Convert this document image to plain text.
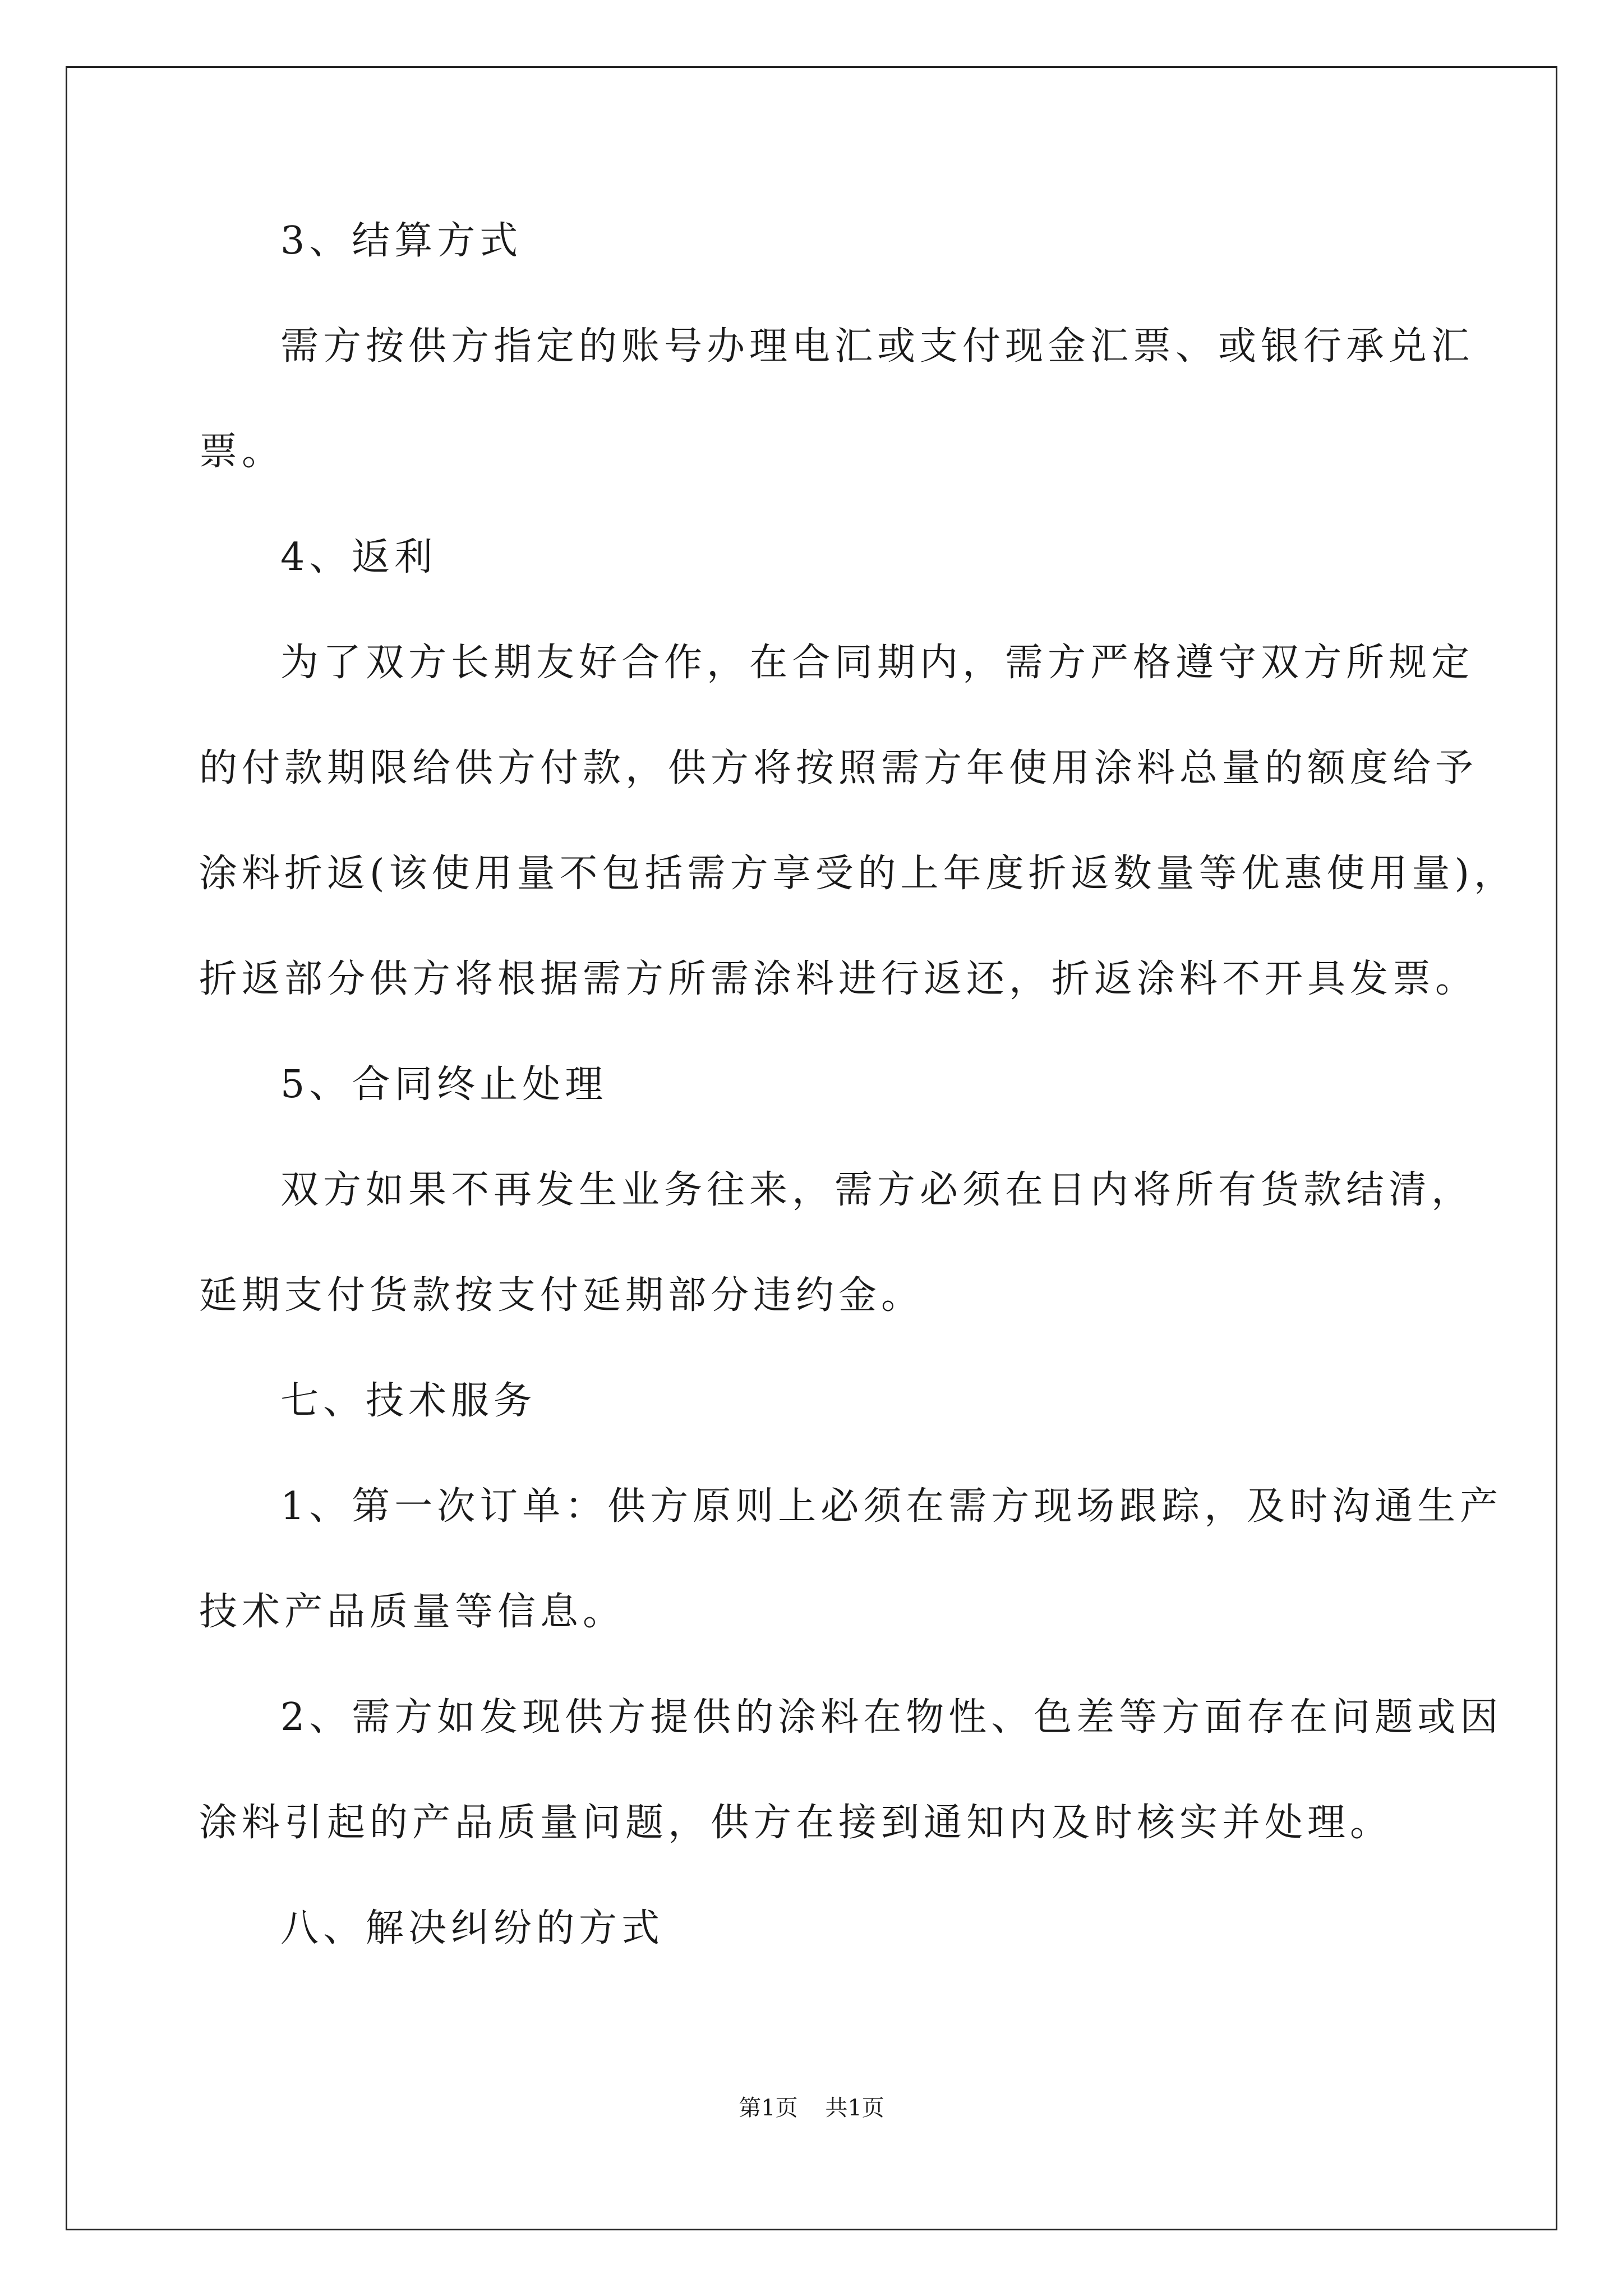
3、结算方式
需方按供方指定的账号办理电汇或支付现金汇票、或银行承兑汇
票。
4、返利
为了双方长期友好合作，在合同期内，需方严格遵守双方所规定
的付款期限给供方付款，供方将按照需方年使用涂料总量的额度给予
涂料折返(该使用量不包括需方享受的上年度折返数量等优惠使用量)，
折返部分供方将根据需方所需涂料进行返还，折返涂料不开具发票。
5、合同终止处理
双方如果不再发生业务往来，需方必须在日内将所有货款结清，
延期支付货款按支付延期部分违约金。
七、技术服务
1、第一次订单：供方原则上必须在需方现场跟踪，及时沟通生产
技术产品质量等信息。
2、需方如发现供方提供的涂料在物性、色差等方面存在问题或因
涂料引起的产品质量问题，供方在接到通知内及时核实并处理。
八、解决纠纷的方式
第1页 共1页
